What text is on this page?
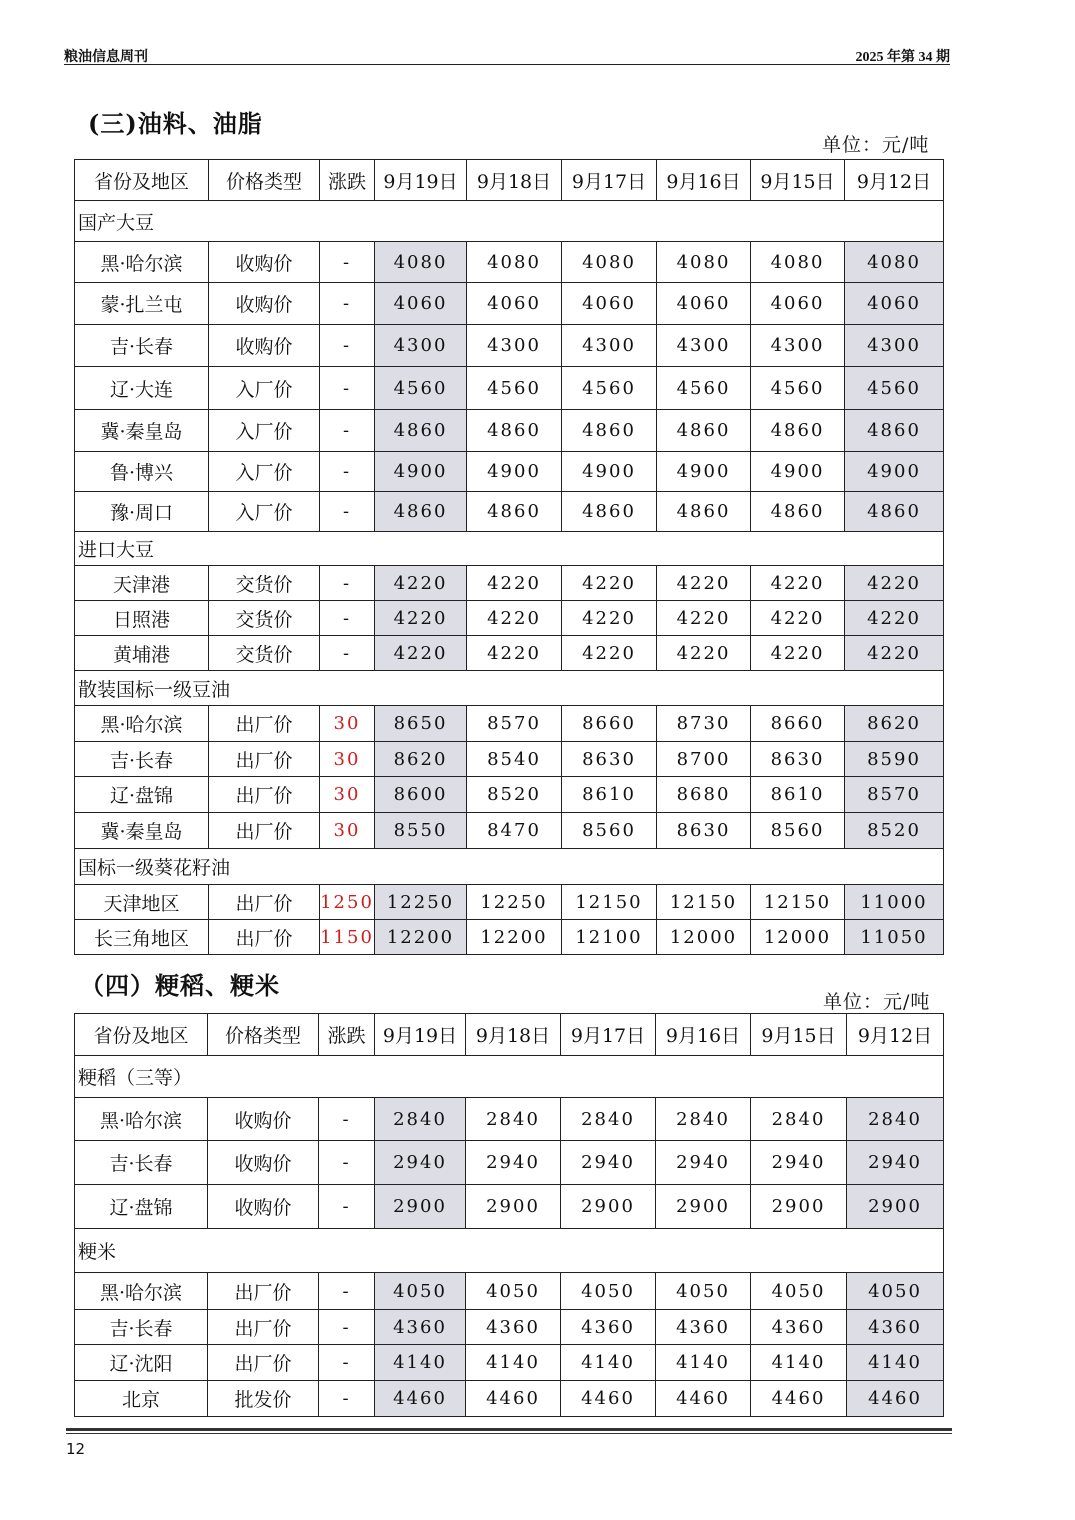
粮油信息周刊	2025 年第 34 期
(三)油料、油脂
单位：元/吨
省份及地区	价格类型	涨跌	9月19日	9月18日	9月17日	9月16日	9月15日	9月12日
国产大豆								
黑·哈尔滨	收购价	-	4080	4080	4080	4080	4080	4080
蒙·扎兰屯	收购价	-	4060	4060	4060	4060	4060	4060
吉·长春	收购价	-	4300	4300	4300	4300	4300	4300
辽·大连	入厂价	-	4560	4560	4560	4560	4560	4560
冀·秦皇岛	入厂价	-	4860	4860	4860	4860	4860	4860
鲁·博兴	入厂价	-	4900	4900	4900	4900	4900	4900
豫·周口	入厂价	-	4860	4860	4860	4860	4860	4860
进口大豆								
天津港	交货价	-	4220	4220	4220	4220	4220	4220
日照港	交货价	-	4220	4220	4220	4220	4220	4220
黄埔港	交货价	-	4220	4220	4220	4220	4220	4220
散装国标一级豆油								
黑·哈尔滨	出厂价	30	8650	8570	8660	8730	8660	8620
吉·长春	出厂价	30	8620	8540	8630	8700	8630	8590
辽·盘锦	出厂价	30	8600	8520	8610	8680	8610	8570
冀·秦皇岛	出厂价	30	8550	8470	8560	8630	8560	8520
国标一级葵花籽油								
天津地区	出厂价	1250	12250	12250	12150	12150	12150	11000
长三角地区	出厂价	1150	12200	12200	12100	12000	12000	11050
（四）粳稻、粳米
单位：元/吨
省份及地区	价格类型	涨跌	9月19日	9月18日	9月17日	9月16日	9月15日	9月12日
粳稻（三等）								
黑·哈尔滨	收购价	-	2840	2840	2840	2840	2840	2840
吉·长春	收购价	-	2940	2940	2940	2940	2940	2940
辽·盘锦	收购价	-	2900	2900	2900	2900	2900	2900
粳米								
黑·哈尔滨	出厂价	-	4050	4050	4050	4050	4050	4050
吉·长春	出厂价	-	4360	4360	4360	4360	4360	4360
辽·沈阳	出厂价	-	4140	4140	4140	4140	4140	4140
北京	批发价	-	4460	4460	4460	4460	4460	4460
12
